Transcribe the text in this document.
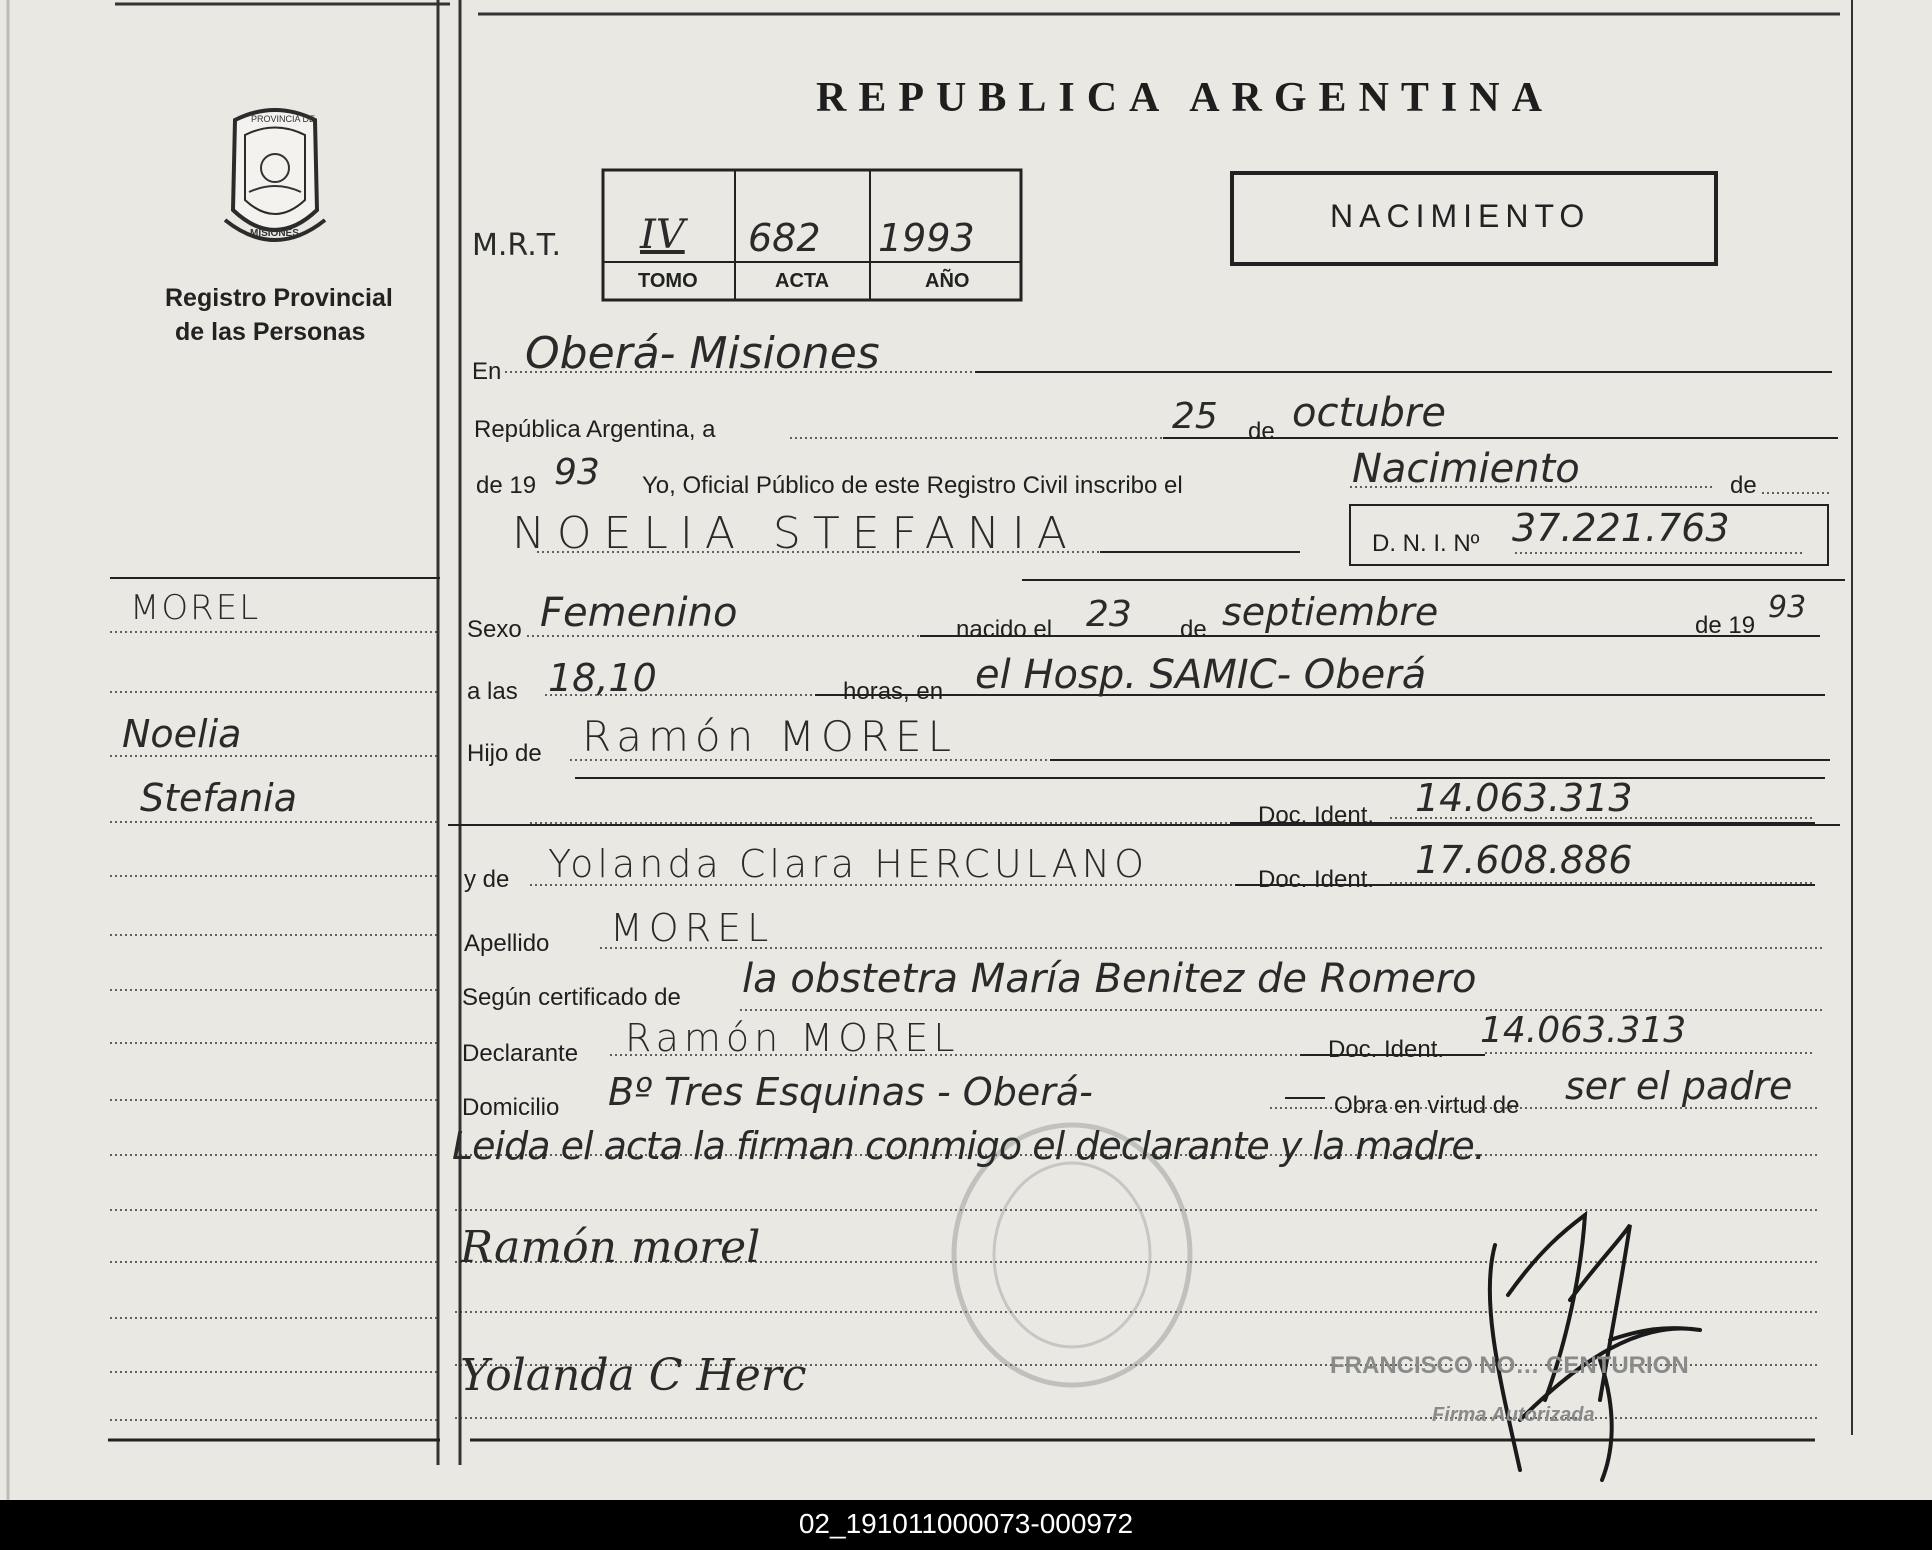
PROVINCIA DE
MISIONES
Registro Provincial
de las Personas
REPUBLICA ARGENTINA
NACIMIENTO
M.R.T. IV 682 1993
TOMO	ACTA	AÑO
En Oberá- Misiones
República Argentina, a	25 de octubre
de 19 93 Yo, Oficial Público de este Registro Civil inscribo el	Nacimiento	de
NOELIA STEFANIA	D. N. I. Nº 37.221.763
Sexo Femenino	nacido el 23 de septiembre	de 19
93
a las 18,10	horas, en el Hosp. SAMIC- Oberá
Hijo de Ramón MOREL
Doc. Ident. 14.063.313
y de Yolanda Clara HERCULANO	Doc. Ident. 17.608.886
Apellido MOREL
Según certificado de la obstetra María Benitez de Romero
Declarante Ramón MOREL	Doc. Ident. 14.063.313
Domicilio Bº Tres Esquinas - Oberá-	Obra en virtud de ser el padre
Leida el acta la firman conmigo el declarante y la madre.
Ramón morel
Yolanda C Herc	FRANCISCO NO… CENTURION
Firma Autorizada
MOREL
Noelia
Stefania
02_191011000073-000972
